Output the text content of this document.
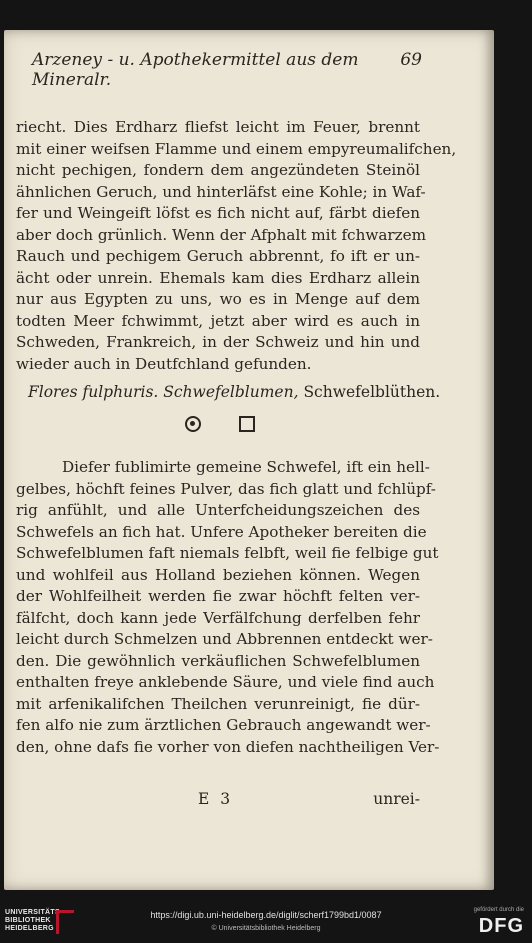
Arzeney - u. Apothekermittel aus dem Mineralr.
69
riecht. Dies Erdharz fliefst leicht im Feuer, brennt
mit einer weifsen Flamme und einem empyreumalifchen,
nicht pechigen, fondern dem angezündeten Steinöl
ähnlichen Geruch, und hinterläfst eine Kohle; in Waf-
fer und Weingeift löfst es fich nicht auf, färbt diefen
aber doch grünlich. Wenn der Afphalt mit fchwarzem
Rauch und pechigem Geruch abbrennt, fo ift er un-
ächt oder unrein. Ehemals kam dies Erdharz allein
nur aus Egypten zu uns, wo es in Menge auf dem
todten Meer fchwimmt, jetzt aber wird es auch in
Schweden, Frankreich, in der Schweiz und hin und
wieder auch in Deutfchland gefunden.
Flores fulphuris. Schwefelblumen, Schwefelblüthen.
Diefer fublimirte gemeine Schwefel, ift ein hell-
gelbes, höchft feines Pulver, das fich glatt und fchlüpf-
rig anfühlt, und alle Unterfcheidungszeichen des
Schwefels an fich hat. Unfere Apotheker bereiten die
Schwefelblumen faft niemals felbft, weil fie felbige gut
und wohlfeil aus Holland beziehen können. Wegen
der Wohlfeilheit werden fie zwar höchft felten ver-
fälfcht, doch kann jede Verfälfchung derfelben fehr
leicht durch Schmelzen und Abbrennen entdeckt wer-
den. Die gewöhnlich verkäuflichen Schwefelblumen
enthalten freye anklebende Säure, und viele find auch
mit arfenikalifchen Theilchen verunreinigt, fie dür-
fen alfo nie zum ärztlichen Gebrauch angewandt wer-
den, ohne dafs fie vorher von diefen nachtheiligen Ver-
E 3	unrei-
UNIVERSITÄTS- BIBLIOTHEK HEIDELBERG
https://digi.ub.uni-heidelberg.de/diglit/scherf1799bd1/0087
© Universitätsbibliothek Heidelberg
gefördert durch die
DFG
